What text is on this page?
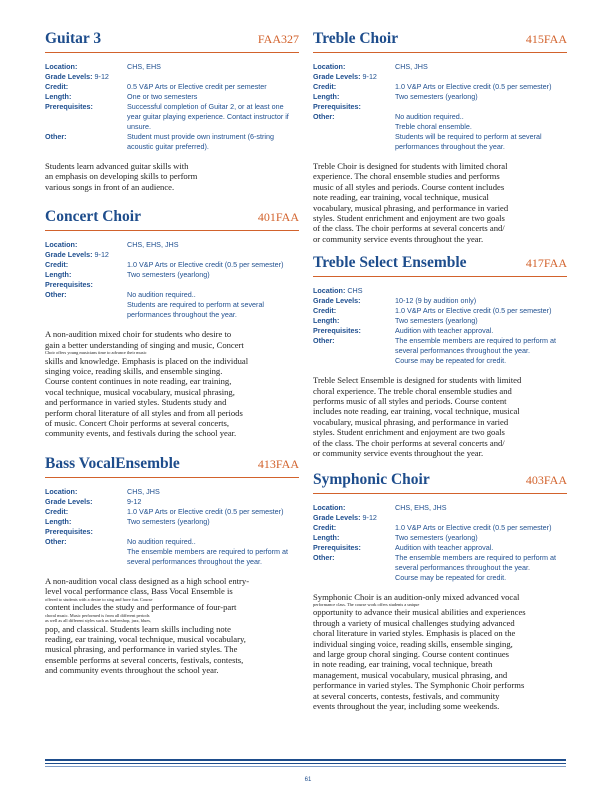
Guitar 3	FAA327
Location:	CHS, EHS
Grade Levels: 9-12
Credit:	0.5 V&P Arts or Elective credit per semester
Length:	One or two semesters
Prerequisites:	Successful completion of Guitar 2, or at least one
year guitar playing experience. Contact instructor if
unsure.
Other:	Student must provide own instrument (6-string
acoustic guitar preferred).
Students learn advanced guitar skills with
an emphasis on developing skills to perform
various songs in front of an audience.
Concert Choir	401FAA
Location:	CHS, EHS, JHS
Grade Levels: 9-12
Credit:	1.0 V&P Arts or Elective credit (0.5 per semester)
Length:	Two semesters (yearlong)
Prerequisites:

Other:	No audition required..
Students are required to perform at several
performances throughout the year.
A non-audition mixed choir for students who desire to
gain a better understanding of singing and music, Concert
Choir offers young musicians time to advance their music
skills and knowledge. Emphasis is placed on the individual
singing voice, reading skills, and ensemble singing.
Course content continues in note reading, ear training,
vocal technique, musical vocabulary, musical phrasing,
and performance in varied styles. Students study and
perform choral literature of all styles and from all periods
of music. Concert Choir performs at several concerts,
community events, and festivals during the school year.
Bass VocalEnsemble	413FAA
Location:	CHS, JHS
Grade Levels:	9-12
Credit:	1.0 V&P Arts or Elective credit (0.5 per semester)
Length:	Two semesters (yearlong)
Prerequisites:

Other:	No audition required..
The ensemble members are required to perform at
several performances throughout the year.
A non-audition vocal class designed as a high school entry-
level vocal performance class, Bass Vocal Ensemble is
offered to students with a desire to sing and have fun. Course
content includes the study and performance of four-part
choral music. Music performed is from all different periods
as well as all different styles such as barbershop, jazz, blues,
pop, and classical. Students learn skills including note
reading, ear training, vocal technique, musical vocabulary,
musical phrasing, and performance in varied styles. The
ensemble performs at several concerts, festivals, contests,
and community events throughout the school year.
Treble Choir	415FAA
Location:	CHS, JHS
Grade Levels: 9-12
Credit:	1.0 V&P Arts or Elective credit (0.5 per semester)
Length:	Two semesters (yearlong)
Prerequisites:

Other:	No audition required..
Treble choral ensemble.
Students will be required to perform at several
performances throughout the year.
Treble Choir is designed for students with limited choral
experience. The choral ensemble studies and performs
music of all styles and periods. Course content includes
note reading, ear training, vocal technique, musical
vocabulary, musical phrasing, and performance in varied
styles. Student enrichment and enjoyment are two goals
of the class. The choir performs at several concerts and/
or community service events throughout the year.
Treble Select Ensemble	417FAA
Location: CHS
Grade Levels:	10-12 (9 by audition only)
Credit:	1.0 V&P Arts or Elective credit (0.5 per semester)
Length:	Two semesters (yearlong)
Prerequisites:	Audition with teacher approval.
Other:	The ensemble members are required to perform at
several performances throughout the year.
Course may be repeated for credit.
Treble Select Ensemble is designed for students with limited
choral experience. The treble choral ensemble studies and
performs music of all styles and periods. Course content
includes note reading, ear training, vocal technique, musical
vocabulary, musical phrasing, and performance in varied
styles. Student enrichment and enjoyment are two goals
of the class. The choir performs at several concerts and/
or community service events throughout the year.
Symphonic Choir	403FAA
Location:	CHS, EHS, JHS
Grade Levels: 9-12
Credit:	1.0 V&P Arts or Elective credit (0.5 per semester)
Length:	Two semesters (yearlong)
Prerequisites:	Audition with teacher approval.
Other:	The ensemble members are required to perform at
several performances throughout the year.
Course may be repeated for credit.
Symphonic Choir is an audition-only mixed advanced vocal
performance class. The course work offers students a unique
opportunity to advance their musical abilities and experiences
through a variety of musical challenges studying advanced
choral literature in varied styles. Emphasis is placed on the
individual singing voice, reading skills, ensemble singing,
and large group choral singing. Course content continues
in note reading, ear training, vocal technique, breath
management, musical vocabulary, musical phrasing, and
performance in varied styles. The Symphonic Choir performs
at several concerts, contests, festivals, and community
events throughout the year, including some weekends.
61
